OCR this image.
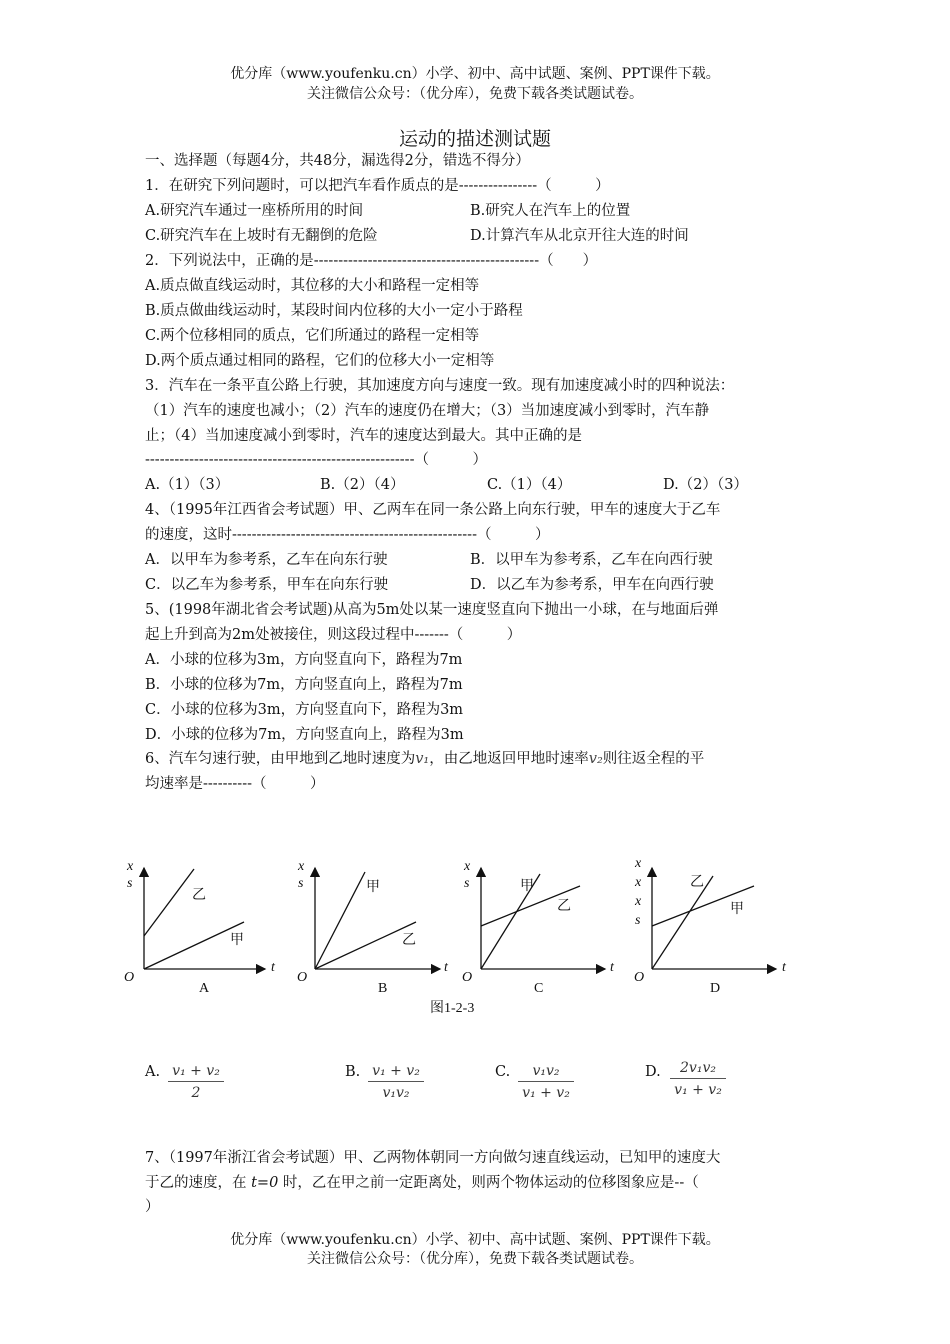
优分库（www.youfenku.cn）小学、初中、高中试题、案例、PPT课件下载。
关注微信公众号：（优分库），免费下载各类试题试卷。
运动的描述测试题
一、选择题（每题4分，共48分，漏选得2分，错选不得分）
1．在研究下列问题时，可以把汽车看作质点的是----------------（　　　）
A.研究汽车通过一座桥所用的时间	B.研究人在汽车上的位置
C.研究汽车在上坡时有无翻倒的危险	D.计算汽车从北京开往大连的时间
2．下列说法中，正确的是----------------------------------------------（　　）
A.质点做直线运动时，其位移的大小和路程一定相等
B.质点做曲线运动时，某段时间内位移的大小一定小于路程
C.两个位移相同的质点，它们所通过的路程一定相等
D.两个质点通过相同的路程，它们的位移大小一定相等
3．汽车在一条平直公路上行驶，其加速度方向与速度一致。现有加速度减小时的四种说法：
（1）汽车的速度也减小；（2）汽车的速度仍在增大；（3）当加速度减小到零时，汽车静
止；（4）当加速度减小到零时，汽车的速度达到最大。其中正确的是
-------------------------------------------------------（　　　）
A.（1）（3）	B.（2）（4）	C.（1）（4）	D.（2）（3）
4、（1995年江西省会考试题）甲、乙两车在同一条公路上向东行驶，甲车的速度大于乙车
的速度，这时--------------------------------------------------（　　　）
A．以甲车为参考系，乙车在向东行驶	B．以甲车为参考系，乙车在向西行驶
C．以乙车为参考系，甲车在向东行驶	D．以乙车为参考系，甲车在向西行驶
5、(1998年湖北省会考试题)从高为5m处以某一速度竖直向下抛出一小球，在与地面后弹
起上升到高为2m处被接住，则这段过程中-------（　　　）
A．小球的位移为3m，方向竖直向下，路程为7m
B．小球的位移为7m，方向竖直向上，路程为7m
C．小球的位移为3m，方向竖直向下，路程为3m
D．小球的位移为7m，方向竖直向上，路程为3m
6、汽车匀速行驶，由甲地到乙地时速度为v₁，由乙地返回甲地时速率v₂则往返全程的平
均速率是----------（　　　）
x
s
O
t
乙
甲
A
x
s
O
t
甲
乙
B
x
s
O
t
甲
乙
C
x
x
x
s
O
t
乙
甲
D
图1-2-3
A. $\frac{\text{v₁ + v₂}}{2}$	B. $\frac{\text{v₁ + v₂}}{\text{v₁v₂}}$	C. $\frac{\text{v₁v₂}}{\text{v₁ + v₂}}$	D. $\frac{\text{2v₁v₂}}{\text{v₁ + v₂}}$
7、（1997年浙江省会考试题）甲、乙两物体朝同一方向做匀速直线运动，已知甲的速度大
于乙的速度，在 t=0 时，乙在甲之前一定距离处，则两个物体运动的位移图象应是--（
）
优分库（www.youfenku.cn）小学、初中、高中试题、案例、PPT课件下载。
关注微信公众号：（优分库），免费下载各类试题试卷。
